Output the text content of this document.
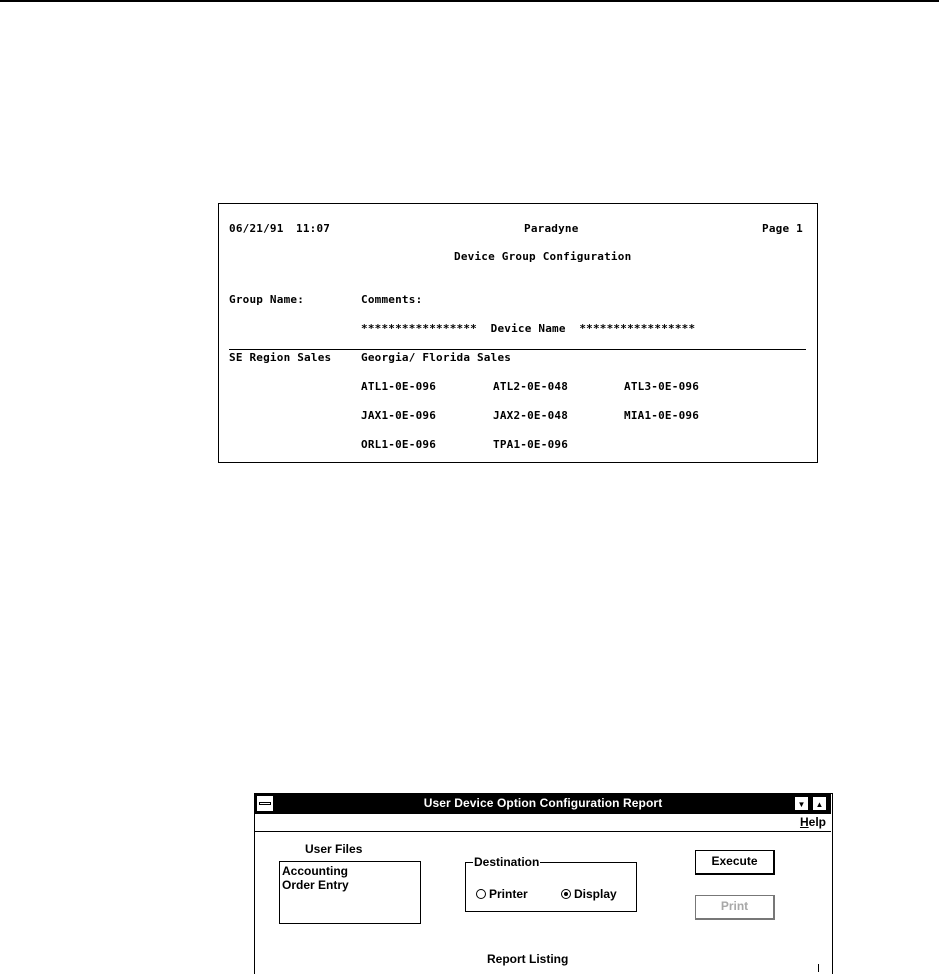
06/21/91 11:07	Paradyne	Page 1
Device Group Configuration
Group Name:	Comments:
*****************  Device Name  *****************
SE Region Sales	Georgia/ Florida Sales
ATL1-0E-096	ATL2-0E-048	ATL3-0E-096
JAX1-0E-096	JAX2-0E-048	MIA1-0E-096
ORL1-0E-096	TPA1-0E-096
User Device Option Configuration Report	▼	▲
Help
User Files
Accounting
Order Entry
Destination
Printer	Display
Execute
Print
Report Listing
